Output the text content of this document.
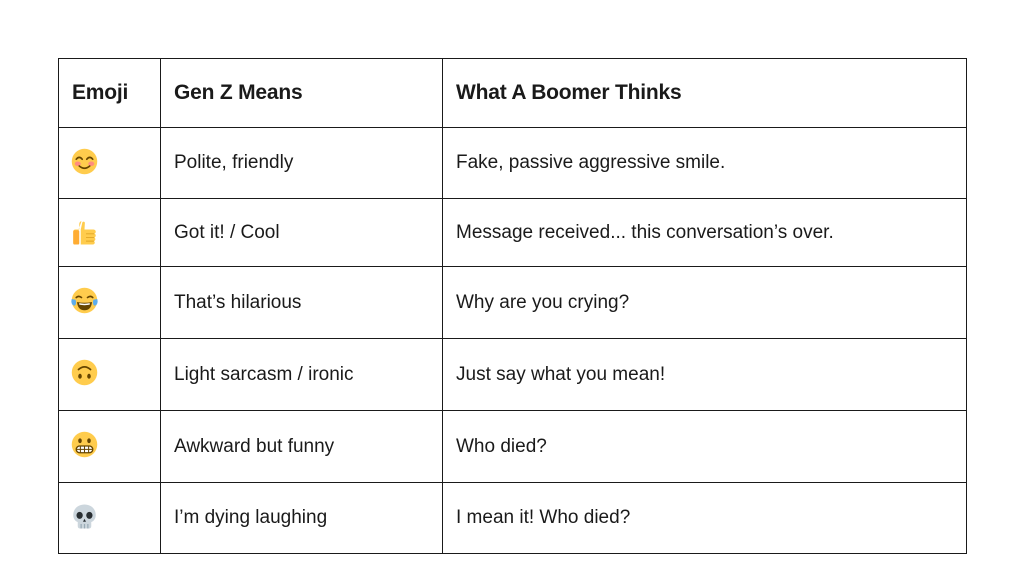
Emoji	Gen Z Means	What A Boomer Thinks

	Polite, friendly	Fake, passive aggressive smile.

	Got it! / Cool	Message received... this conversation’s over.

	That’s hilarious	Why are you crying?

	Light sarcasm / ironic	Just say what you mean!

	Awkward but funny	Who died?

	I’m dying laughing	I mean it! Who died?
